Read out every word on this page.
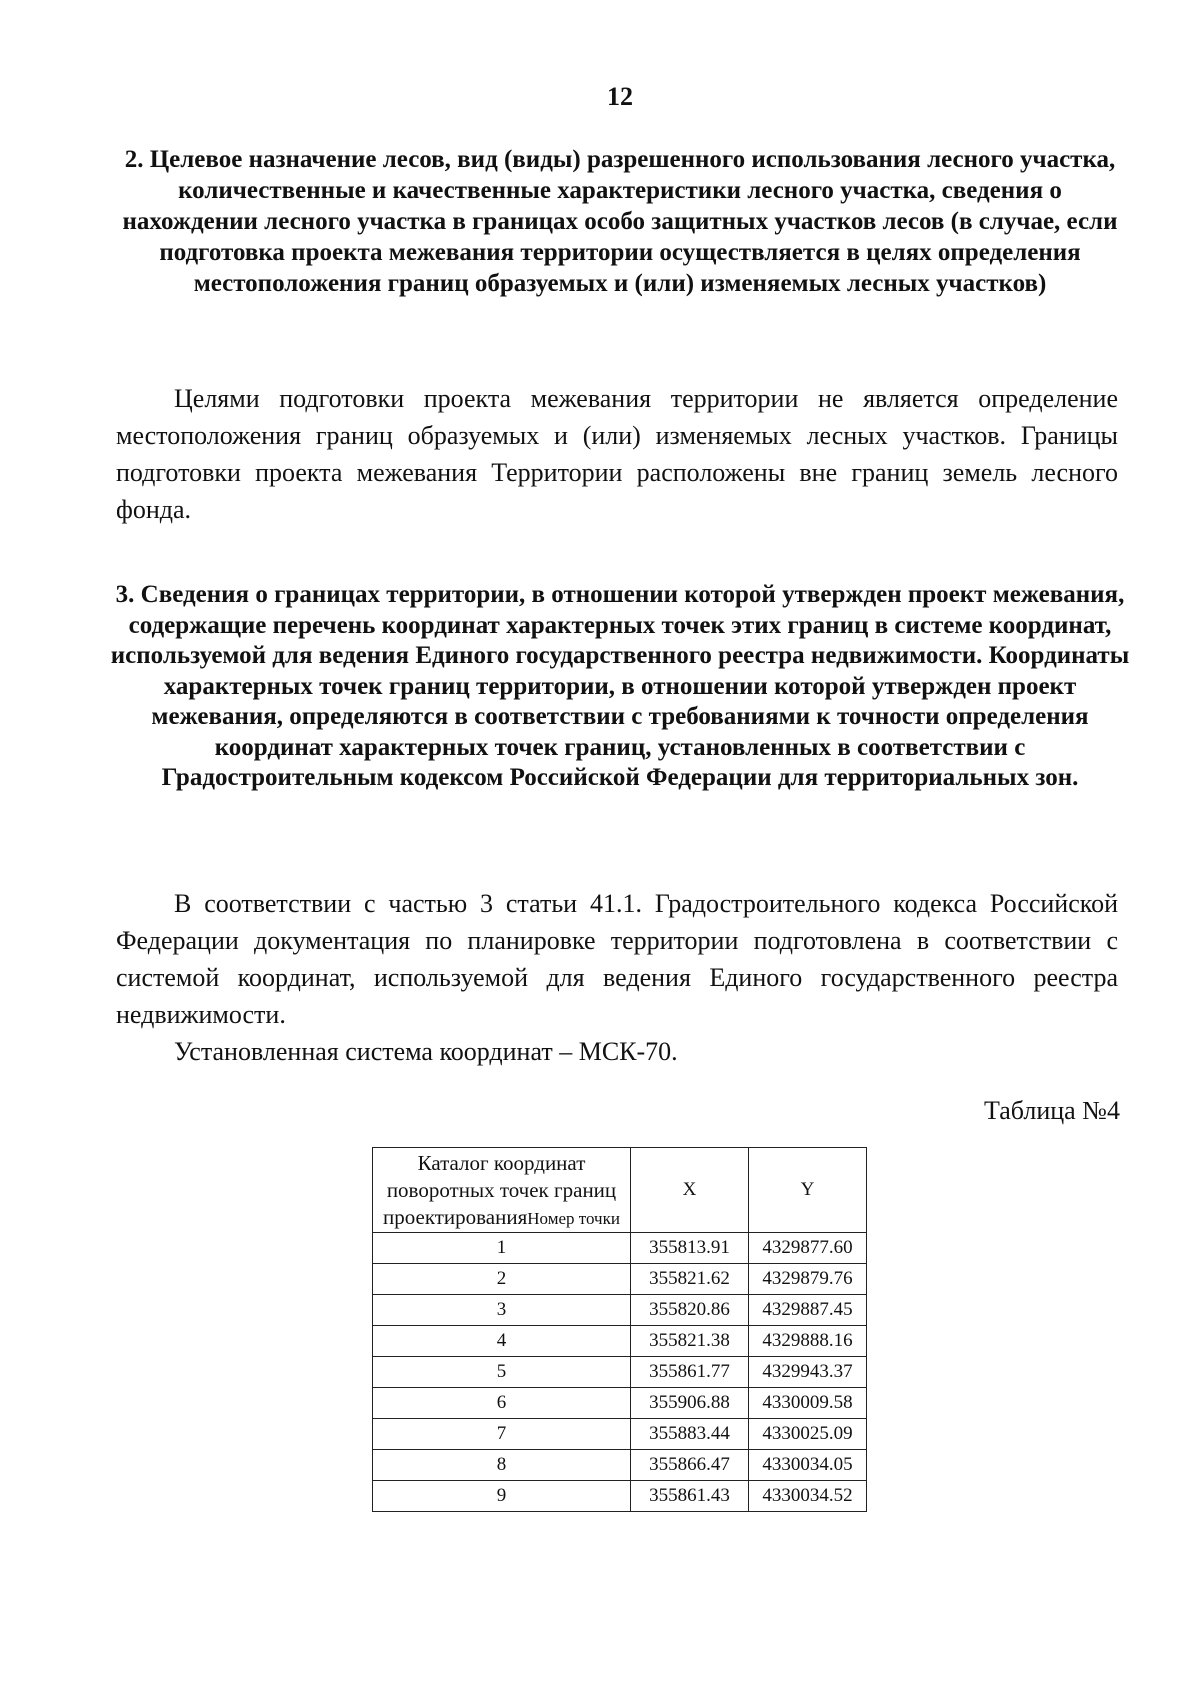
12
2. Целевое назначение лесов, вид (виды) разрешенного использования лесного участка, количественные и качественные характеристики лесного участка, сведения о нахождении лесного участка в границах особо защитных участков лесов (в случае, если подготовка проекта межевания территории осуществляется в целях определения местоположения границ образуемых и (или) изменяемых лесных участков)
Целями подготовки проекта межевания территории не является определение местоположения границ образуемых и (или) изменяемых лесных участков. Границы подготовки проекта межевания Территории расположены вне границ земель лесного фонда.
3. Сведения о границах территории, в отношении которой утвержден проект межевания, содержащие перечень координат характерных точек этих границ в системе координат, используемой для ведения Единого государственного реестра недвижимости. Координаты характерных точек границ территории, в отношении которой утвержден проект межевания, определяются в соответствии с требованиями к точности определения координат характерных точек границ, установленных в соответствии с Градостроительным кодексом Российской Федерации для территориальных зон.
В соответствии с частью 3 статьи 41.1. Градостроительного кодекса Российской Федерации документация по планировке территории подготовлена в соответствии с системой координат, используемой для ведения Единого государственного реестра недвижимости.
Установленная система координат – МСК-70.
Таблица №4
Каталог координат поворотных точек границ проектированияНомер точки	X	Y
1	355813.91	4329877.60
2	355821.62	4329879.76
3	355820.86	4329887.45
4	355821.38	4329888.16
5	355861.77	4329943.37
6	355906.88	4330009.58
7	355883.44	4330025.09
8	355866.47	4330034.05
9	355861.43	4330034.52
